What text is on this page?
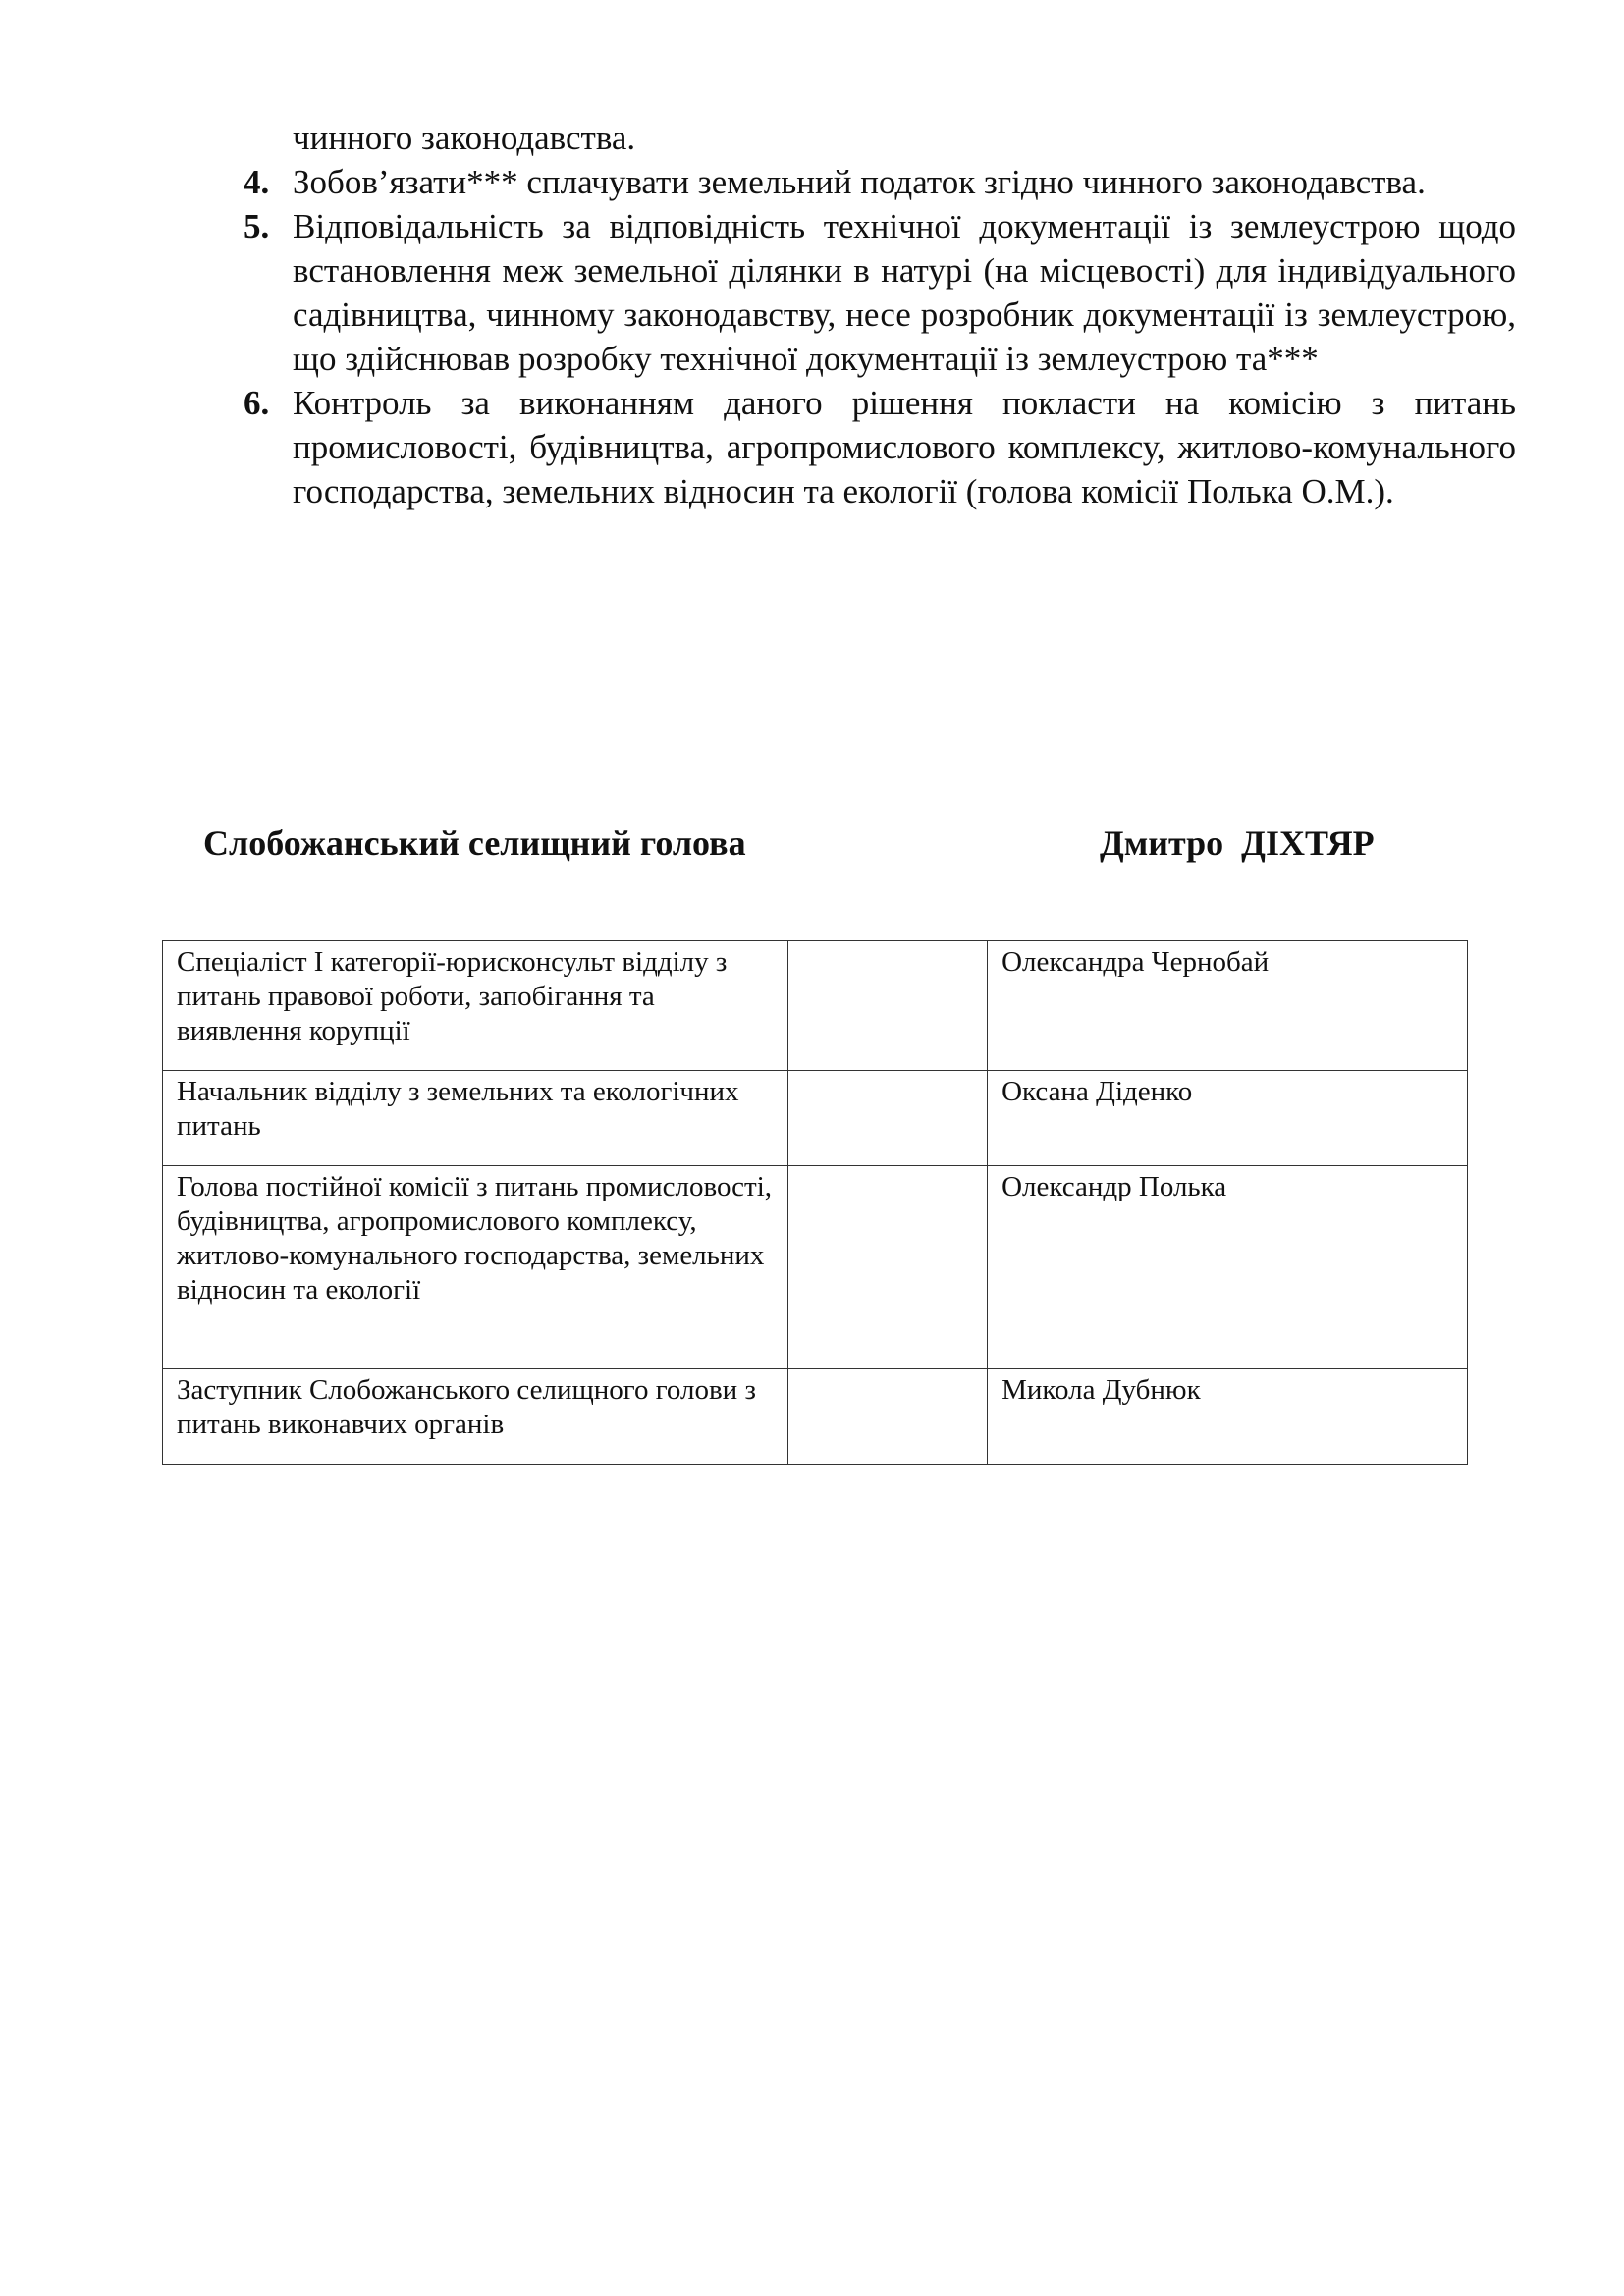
чинного законодавства.
4. Зобов’язати*** сплачувати земельний податок згідно чинного законодавства.
5. Відповідальність за відповідність технічної документації із землеустрою щодо встановлення меж земельної ділянки в натурі (на місцевості) для індивідуального садівництва, чинному законодавству, несе розробник документації із землеустрою, що здійснював розробку технічної документації із землеустрою та***
6. Контроль за виконанням даного рішення покласти на комісію з питань промисловості, будівництва, агропромислового комплексу, житлово-комунального господарства, земельних відносин та екології (голова комісії Полька О.М.).
Слобожанський селищний голова	Дмитро  ДІХТЯР
Спеціаліст І категорії-юрисконсульт відділу з питань правової роботи, запобігання та виявлення корупції		Олександра Чернобай
Начальник відділу з земельних та екологічних питань		Оксана Діденко
Голова постійної комісії з питань промисловості, будівництва, агропромислового комплексу, житлово-комунального господарства, земельних відносин та екології		Олександр Полька
Заступник Слобожанського селищного голови з питань виконавчих органів		Микола Дубнюк
